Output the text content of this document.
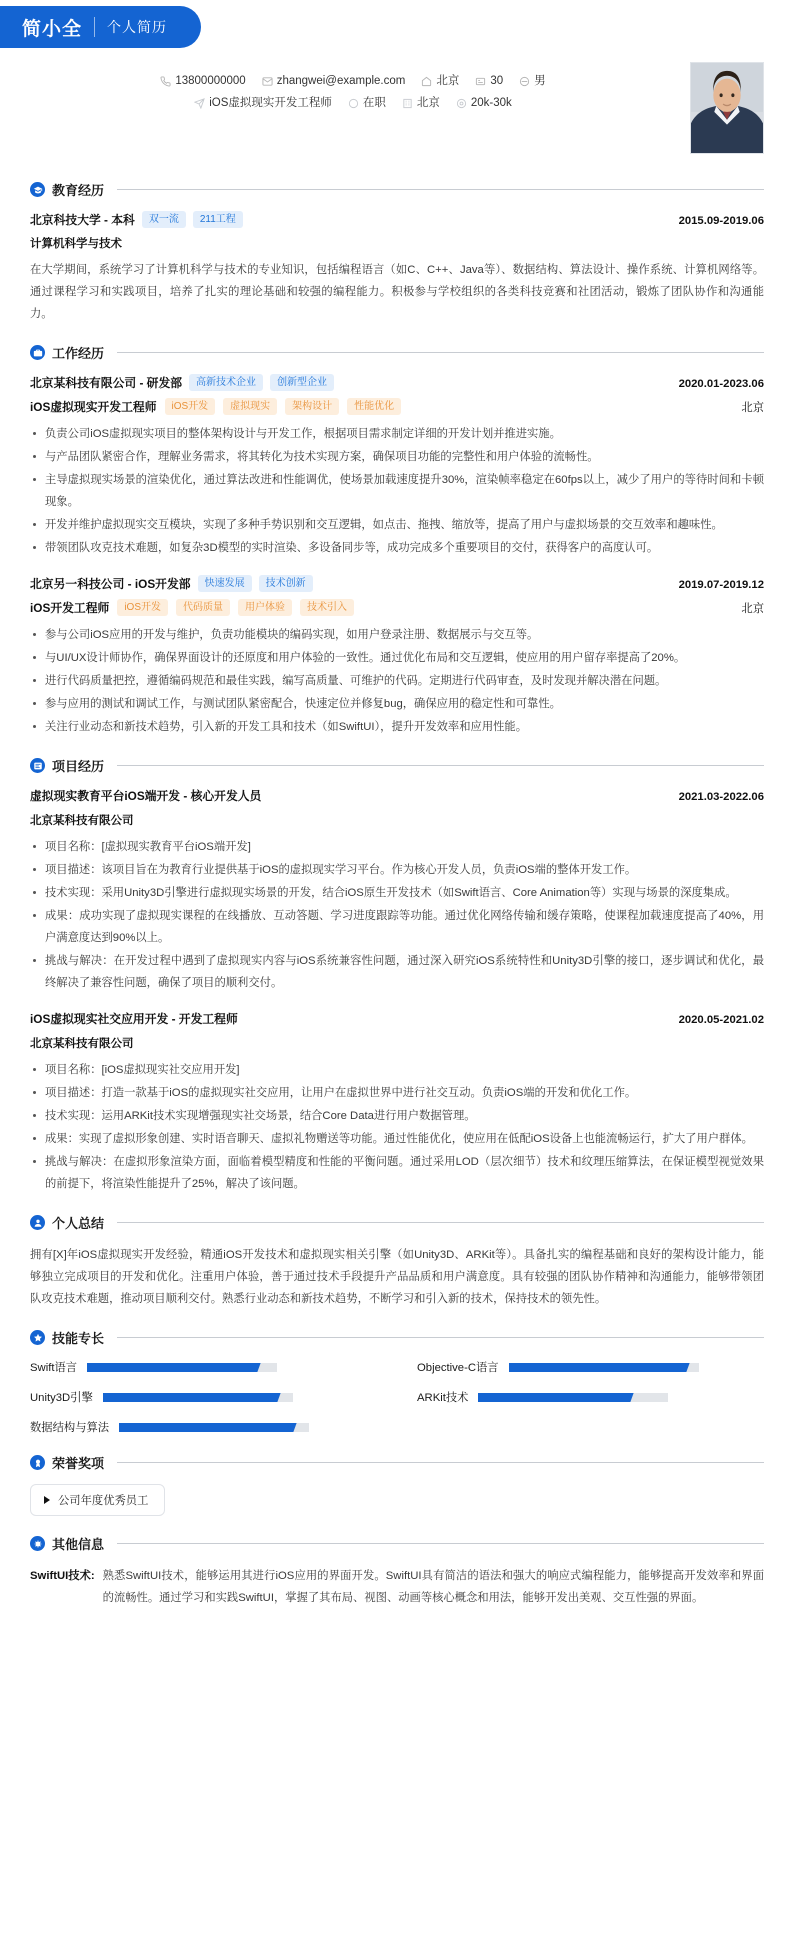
简小全 个人简历
13800000000	zhangwei@example.com	北京	30	男
iOS虚拟现实开发工程师	在职	北京	20k-30k
教育经历
北京科技大学 - 本科	双一流	211工程	2015.09-2019.06
计算机科学与技术

在大学期间，系统学习了计算机科学与技术的专业知识，包括编程语言（如C、C++、Java等）、数据结构、算法设计、操作系统、计算机网络等。通过课程学习和实践项目，培养了扎实的理论基础和较强的编程能力。积极参与学校组织的各类科技竞赛和社团活动，锻炼了团队协作和沟通能力。

工作经历
北京某科技有限公司 - 研发部	高新技术企业	创新型企业	2020.01-2023.06
iOS虚拟现实开发工程师	iOS开发	虚拟现实	架构设计	性能优化	北京
负责公司iOS虚拟现实项目的整体架构设计与开发工作，根据项目需求制定详细的开发计划并推进实施。
与产品团队紧密合作，理解业务需求，将其转化为技术实现方案，确保项目功能的完整性和用户体验的流畅性。
主导虚拟现实场景的渲染优化，通过算法改进和性能调优，使场景加载速度提升30%，渲染帧率稳定在60fps以上，减少了用户的等待时间和卡顿现象。
开发并维护虚拟现实交互模块，实现了多种手势识别和交互逻辑，如点击、拖拽、缩放等，提高了用户与虚拟场景的交互效率和趣味性。
带领团队攻克技术难题，如复杂3D模型的实时渲染、多设备同步等，成功完成多个重要项目的交付，获得客户的高度认可。
北京另一科技公司 - iOS开发部	快速发展	技术创新	2019.07-2019.12
iOS开发工程师	iOS开发	代码质量	用户体验	技术引入	北京
参与公司iOS应用的开发与维护，负责功能模块的编码实现，如用户登录注册、数据展示与交互等。
与UI/UX设计师协作，确保界面设计的还原度和用户体验的一致性。通过优化布局和交互逻辑，使应用的用户留存率提高了20%。
进行代码质量把控，遵循编码规范和最佳实践，编写高质量、可维护的代码。定期进行代码审查，及时发现并解决潜在问题。
参与应用的测试和调试工作，与测试团队紧密配合，快速定位并修复bug，确保应用的稳定性和可靠性。
关注行业动态和新技术趋势，引入新的开发工具和技术（如SwiftUI），提升开发效率和应用性能。
项目经历
虚拟现实教育平台iOS端开发 - 核心开发人员	2021.03-2022.06
北京某科技有限公司
项目名称：[虚拟现实教育平台iOS端开发]
项目描述：该项目旨在为教育行业提供基于iOS的虚拟现实学习平台。作为核心开发人员，负责iOS端的整体开发工作。
技术实现：采用Unity3D引擎进行虚拟现实场景的开发，结合iOS原生开发技术（如Swift语言、Core Animation等）实现与场景的深度集成。
成果：成功实现了虚拟现实课程的在线播放、互动答题、学习进度跟踪等功能。通过优化网络传输和缓存策略，使课程加载速度提高了40%，用户满意度达到90%以上。
挑战与解决：在开发过程中遇到了虚拟现实内容与iOS系统兼容性问题，通过深入研究iOS系统特性和Unity3D引擎的接口，逐步调试和优化，最终解决了兼容性问题，确保了项目的顺利交付。
iOS虚拟现实社交应用开发 - 开发工程师	2020.05-2021.02
北京某科技有限公司
项目名称：[iOS虚拟现实社交应用开发]
项目描述：打造一款基于iOS的虚拟现实社交应用，让用户在虚拟世界中进行社交互动。负责iOS端的开发和优化工作。
技术实现：运用ARKit技术实现增强现实社交场景，结合Core Data进行用户数据管理。
成果：实现了虚拟形象创建、实时语音聊天、虚拟礼物赠送等功能。通过性能优化，使应用在低配iOS设备上也能流畅运行，扩大了用户群体。
挑战与解决：在虚拟形象渲染方面，面临着模型精度和性能的平衡问题。通过采用LOD（层次细节）技术和纹理压缩算法，在保证模型视觉效果的前提下，将渲染性能提升了25%，解决了该问题。
个人总结

拥有[X]年iOS虚拟现实开发经验，精通iOS开发技术和虚拟现实相关引擎（如Unity3D、ARKit等）。具备扎实的编程基础和良好的架构设计能力，能够独立完成项目的开发和优化。注重用户体验，善于通过技术手段提升产品品质和用户满意度。具有较强的团队协作精神和沟通能力，能够带领团队攻克技术难题，推动项目顺利交付。熟悉行业动态和新技术趋势，不断学习和引入新的技术，保持技术的领先性。

技能专长
Swift语言	Objective-C语言
Unity3D引擎	ARKit技术
数据结构与算法
荣誉奖项
公司年度优秀员工
其他信息
SwiftUI技术: 熟悉SwiftUI技术，能够运用其进行iOS应用的界面开发。SwiftUI具有简洁的语法和强大的响应式编程能力，能够提高开发效率和界面的流畅性。通过学习和实践SwiftUI，掌握了其布局、视图、动画等核心概念和用法，能够开发出美观、交互性强的界面。
